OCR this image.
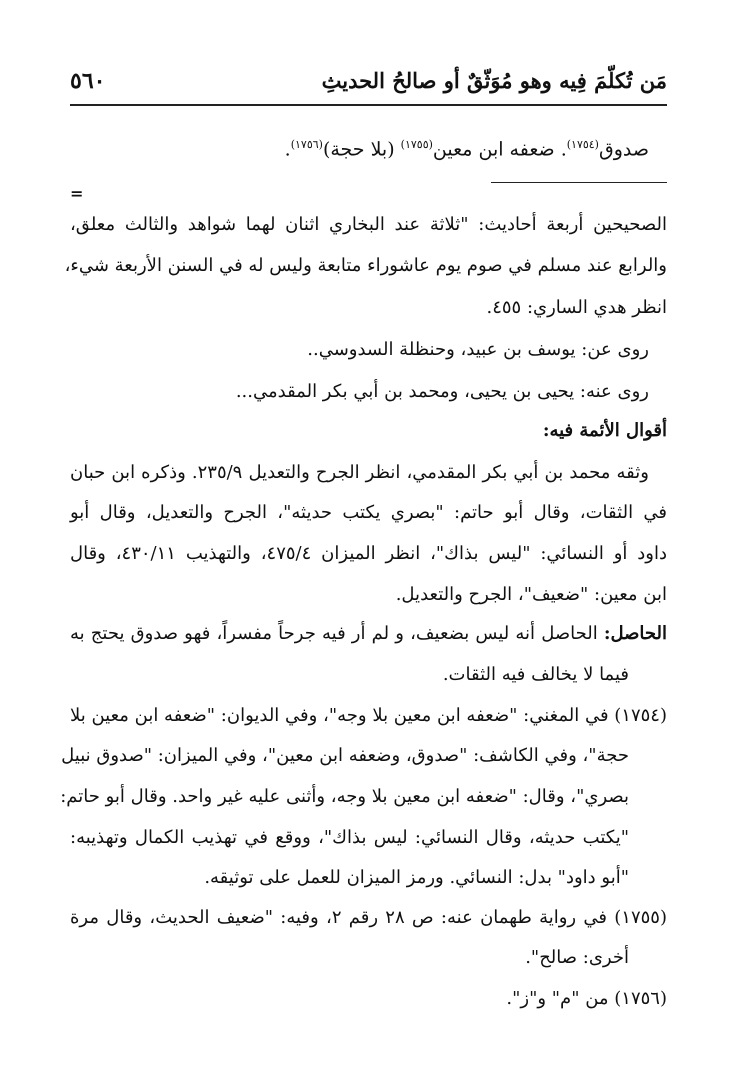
مَن تُكلّمَ فِيه وهو مُوَثّقٌ أو صالحُ الحديثِ
٥٦٠
صدوق$^{(١٧٥٤)}$. ضعفه ابن معين$^{(١٧٥٥)}$ (بلا حجة)$^{(١٧٥٦)}$.
=
الصحيحين أربعة أحاديث: "ثلاثة عند البخاري اثنان لهما شواهد والثالث معلق،
والرابع عند مسلم في صوم يوم عاشوراء متابعة وليس له في السنن الأربعة شيء،
انظر هدي الساري: ٤٥٥.
روى عن: يوسف بن عبيد، وحنظلة السدوسي..
روى عنه: يحيى بن يحيى، ومحمد بن أبي بكر المقدمي...
أقوال الأئمة فيه:
وثقه محمد بن أبي بكر المقدمي، انظر الجرح والتعديل ٢٣٥/٩. وذكره ابن حبان
في الثقات، وقال أبو حاتم: "بصري يكتب حديثه"، الجرح والتعديل، وقال أبو
داود أو النسائي: "ليس بذاك"، انظر الميزان ٤٧٥/٤، والتهذيب ٤٣٠/١١، وقال
ابن معين: "ضعيف"، الجرح والتعديل.
الحاصل: الحاصل أنه ليس بضعيف، و لم أر فيه جرحاً مفسراً، فهو صدوق يحتج به
فيما لا يخالف فيه الثقات.
(١٧٥٤) في المغني: "ضعفه ابن معين بلا وجه"، وفي الديوان: "ضعفه ابن معين بلا
حجة"، وفي الكاشف: "صدوق، وضعفه ابن معين"، وفي الميزان: "صدوق نبيل
بصري"، وقال: "ضعفه ابن معين بلا وجه، وأثنى عليه غير واحد. وقال أبو حاتم:
"يكتب حديثه، وقال النسائي: ليس بذاك"، ووقع في تهذيب الكمال وتهذيبه:
"أبو داود" بدل: النسائي. ورمز الميزان للعمل على توثيقه.
(١٧٥٥) في رواية طهمان عنه: ص ٢٨ رقم ٢، وفيه: "ضعيف الحديث، وقال مرة
أخرى: صالح".
(١٧٥٦) من "م" و"ز".
